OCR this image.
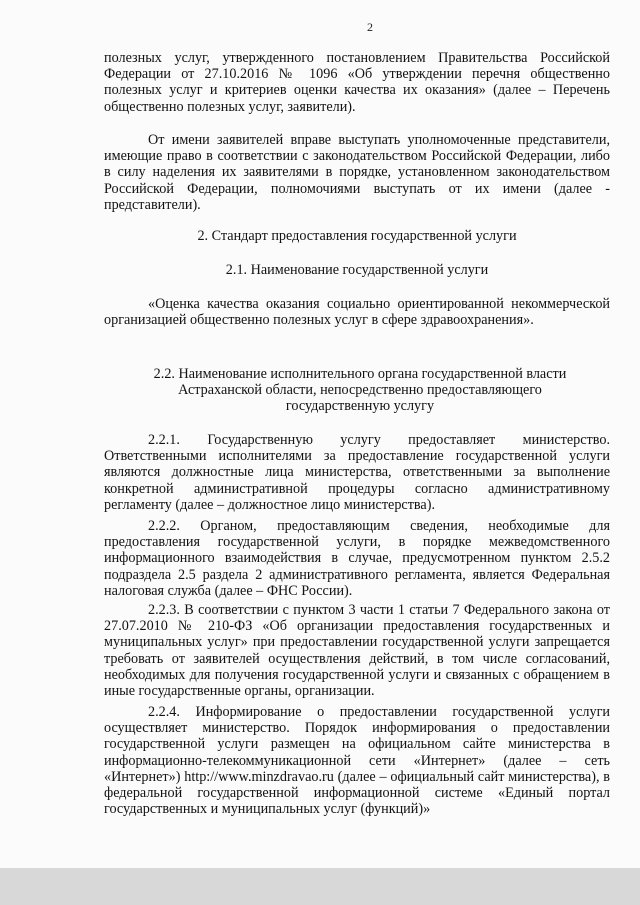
2

полезных услуг, утвержденного постановлением Правительства Российской Федерации от 27.10.2016 № 1096 «Об утверждении перечня общественно полезных услуг и критериев оценки качества их оказания» (далее – Перечень общественно полезных услуг, заявители).

От имени заявителей вправе выступать уполномоченные представители, имеющие право в соответствии с законодательством Российской Федерации, либо в силу наделения их заявителями в порядке, установленном законодательством Российской Федерации, полномочиями выступать от их имени (далее - представители).

2. Стандарт предоставления государственной услуги

2.1. Наименование государственной услуги

«Оценка качества оказания социально ориентированной некоммерческой организацией общественно полезных услуг в сфере здравоохранения».

2.2. Наименование исполнительного органа государственной власти Астраханской области, непосредственно предоставляющего государственную услугу

2.2.1. Государственную услугу предоставляет министерство. Ответственными исполнителями за предоставление государственной услуги являются должностные лица министерства, ответственными за выполнение конкретной административной процедуры согласно административному регламенту (далее – должностное лицо министерства).

2.2.2. Органом, предоставляющим сведения, необходимые для предоставления государственной услуги, в порядке межведомственного информационного взаимодействия в случае, предусмотренном пунктом 2.5.2 подраздела 2.5 раздела 2 административного регламента, является Федеральная налоговая служба (далее – ФНС России).

2.2.3. В соответствии с пунктом 3 части 1 статьи 7 Федерального закона от 27.07.2010 № 210-ФЗ «Об организации предоставления государственных и муниципальных услуг» при предоставлении государственной услуги запрещается требовать от заявителей осуществления действий, в том числе согласований, необходимых для получения государственной услуги и связанных с обращением в иные государственные органы, организации.

2.2.4. Информирование о предоставлении государственной услуги осуществляет министерство. Порядок информирования о предоставлении государственной услуги размещен на официальном сайте министерства в информационно-телекоммуникационной сети «Интернет» (далее – сеть «Интернет») http://www.minzdravao.ru (далее – официальный сайт министерства), в федеральной государственной информационной системе «Единый портал государственных и муниципальных услуг (функций)»
